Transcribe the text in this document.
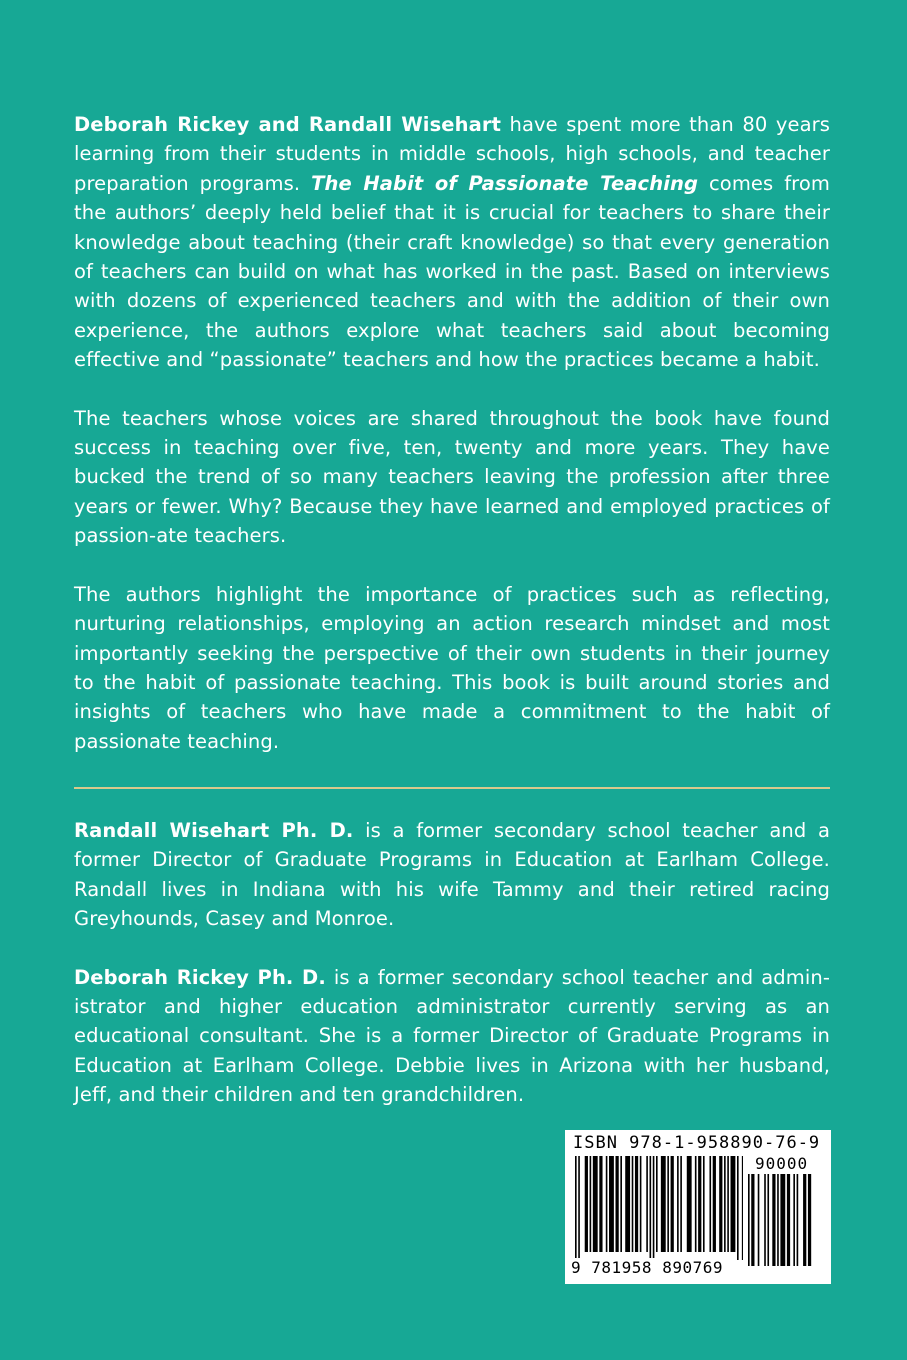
Deborah Rickey and Randall Wisehart have spent more than 80 years learning from their students in middle schools, high schools, and teacher preparation programs. The Habit of Passionate Teaching comes from the authors’ deeply held belief that it is crucial for teachers to share their knowledge about teaching (their craft knowledge) so that every generation of teachers can build on what has worked in the past. Based on interviews with dozens of experienced teachers and with the addition of their own experience, the authors explore what teachers said about becoming effective and “passionate” teachers and how the practices became a habit.

The teachers whose voices are shared throughout the book have found success in teaching over five, ten, twenty and more years. They have bucked the trend of so many teachers leaving the profession after three years or fewer. Why? Because they have learned and employed practices of passion-ate teachers.

The authors highlight the importance of practices such as reflecting, nurturing relationships, employing an action research mindset and most importantly seeking the perspective of their own students in their journey to the habit of passionate teaching. This book is built around stories and insights of teachers who have made a commitment to the habit of passionate teaching.

Randall Wisehart Ph. D. is a former secondary school teacher and a former Director of Graduate Programs in Education at Earlham College. Randall lives in Indiana with his wife Tammy and their retired racing Greyhounds, Casey and Monroe.

Deborah Rickey Ph. D. is a former secondary school teacher and admin-istrator and higher education administrator currently serving as an educational consultant. She is a former Director of Graduate Programs in Education at Earlham College. Debbie lives in Arizona with her husband, Jeff, and their children and ten grandchildren.

ISBN 978-1-958890-76-9
90000
9 781958 890769
